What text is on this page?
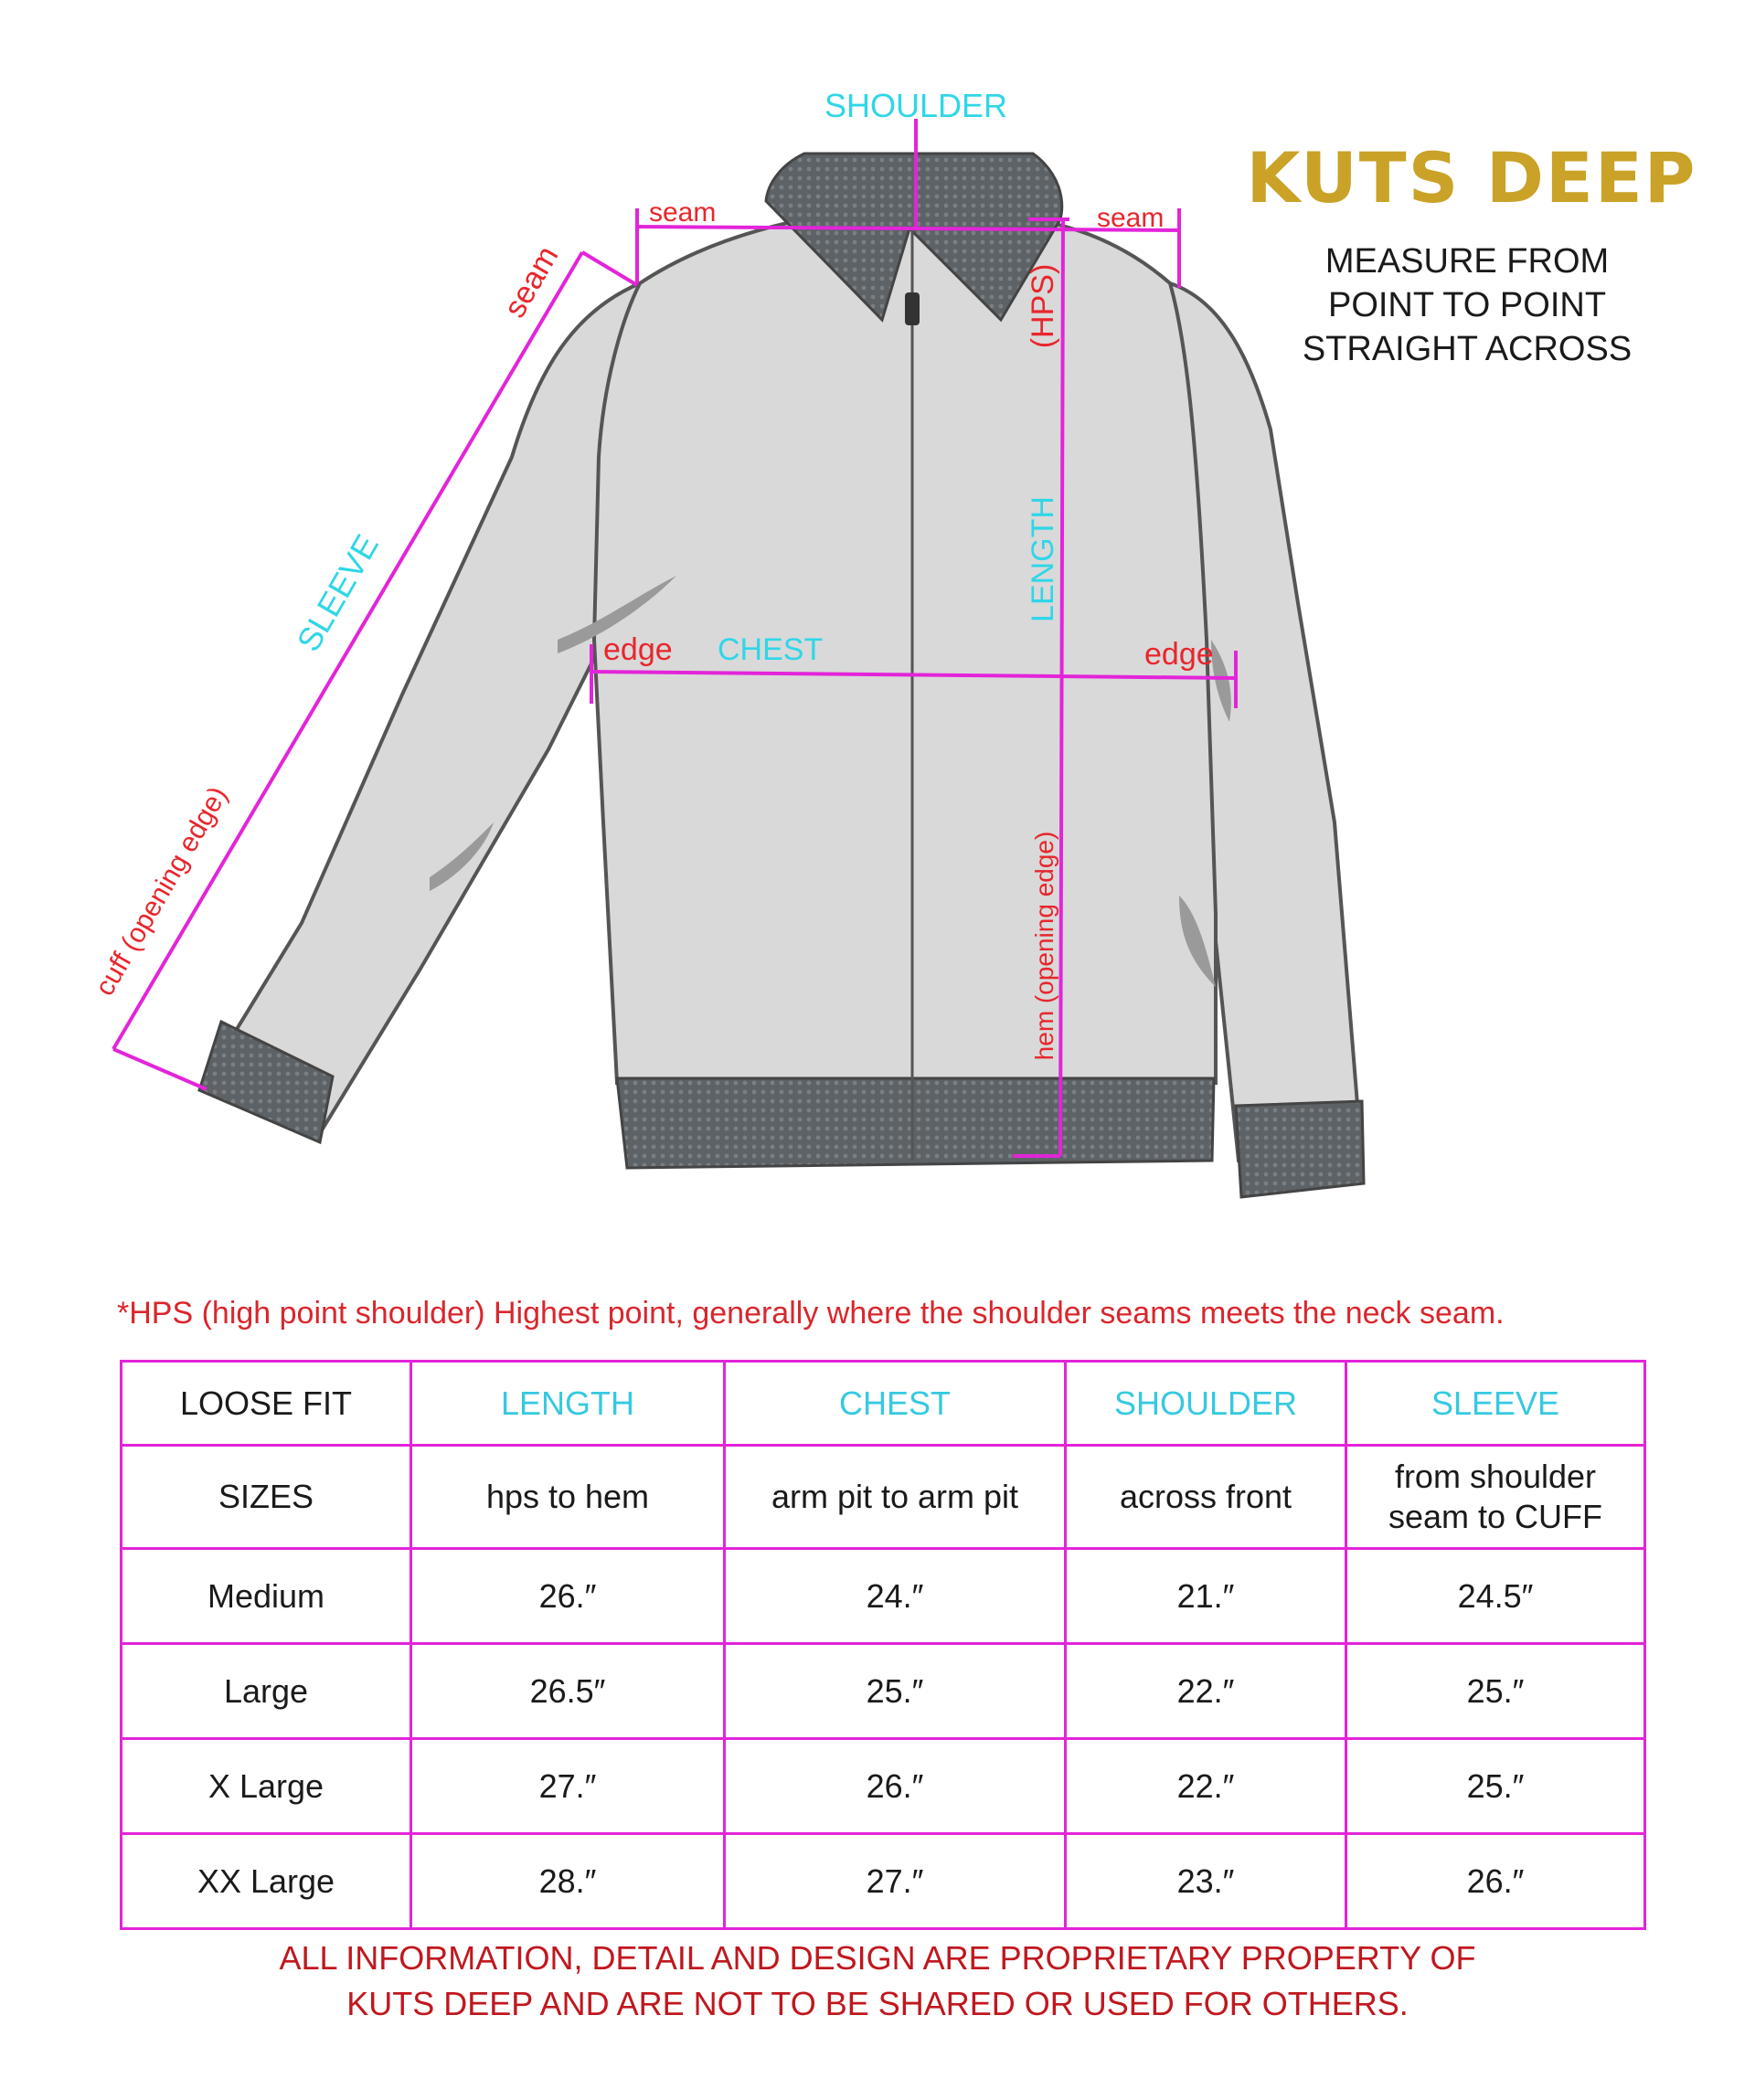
SHOULDER
seam	seam
seam	(HPS)
LENGTH
SLEEVE	edge CHEST	edge
cuff (opening edge)	hem (opening edge)
KUTS DEEP
MEASURE FROM
POINT TO POINT
STRAIGHT ACROSS
*HPS (high point shoulder) Highest point, generally where the shoulder seams meets the neck seam.
LOOSE FIT	LENGTH	CHEST	SHOULDER	SLEEVE
SIZES	hps to hem	arm pit to arm pit	across front	from shoulder seam to CUFF
Medium	26.″	24.″	21.″	24.5″
Large	26.5″	25.″	22.″	25.″
X Large	27.″	26.″	22.″	25.″
XX Large	28.″	27.″	23.″	26.″
ALL INFORMATION, DETAIL AND DESIGN ARE PROPRIETARY PROPERTY OF
KUTS DEEP AND ARE NOT TO BE SHARED OR USED FOR OTHERS.
